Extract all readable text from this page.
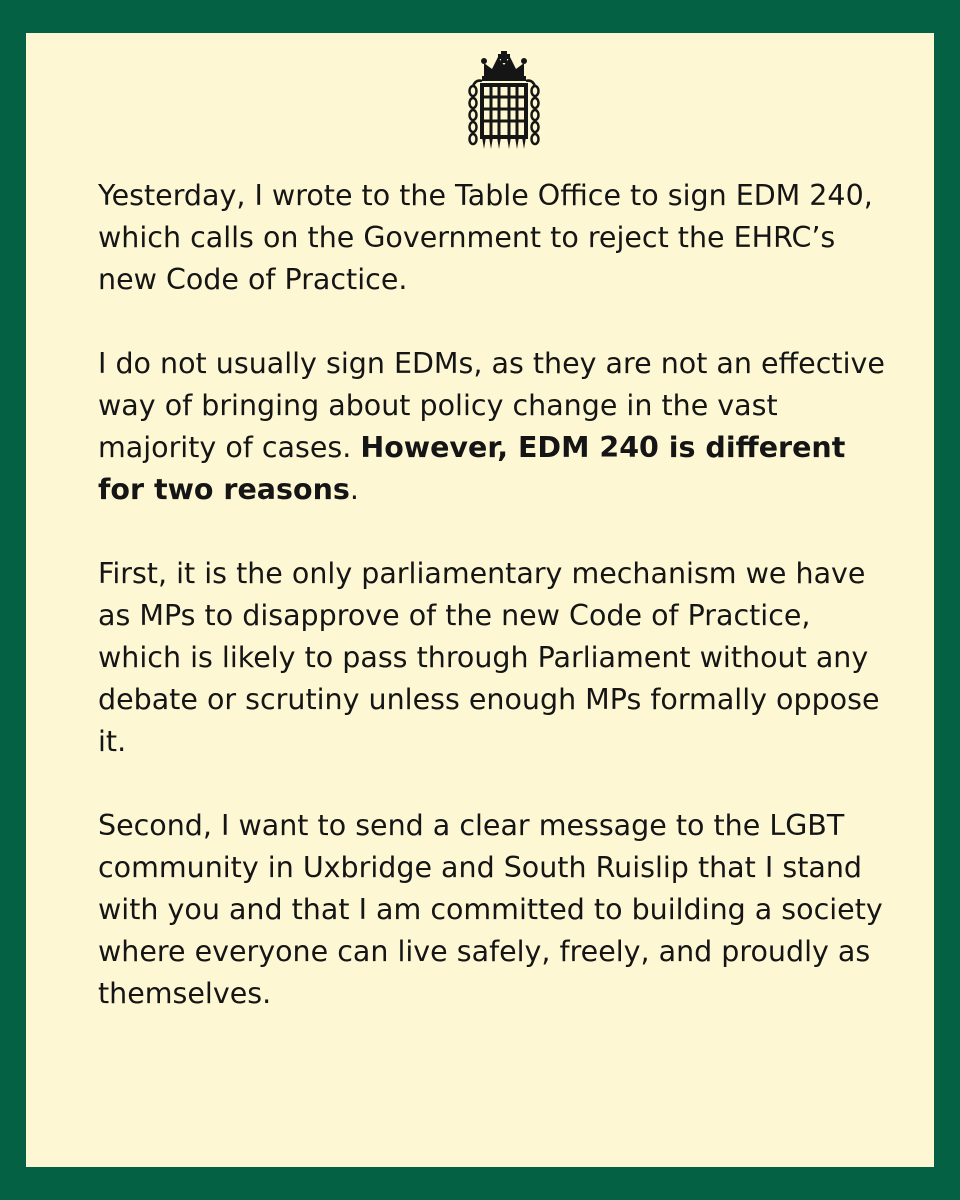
Yesterday, I wrote to the Table Office to sign EDM 240, which calls on the Government to reject the EHRC’s new Code of Practice.

I do not usually sign EDMs, as they are not an effective way of bringing about policy change in the vast majority of cases. However, EDM 240 is different for two reasons.

First, it is the only parliamentary mechanism we have as MPs to disapprove of the new Code of Practice, which is likely to pass through Parliament without any debate or scrutiny unless enough MPs formally oppose it.

Second, I want to send a clear message to the LGBT community in Uxbridge and South Ruislip that I stand with you and that I am committed to building a society where everyone can live safely, freely, and proudly as themselves.
